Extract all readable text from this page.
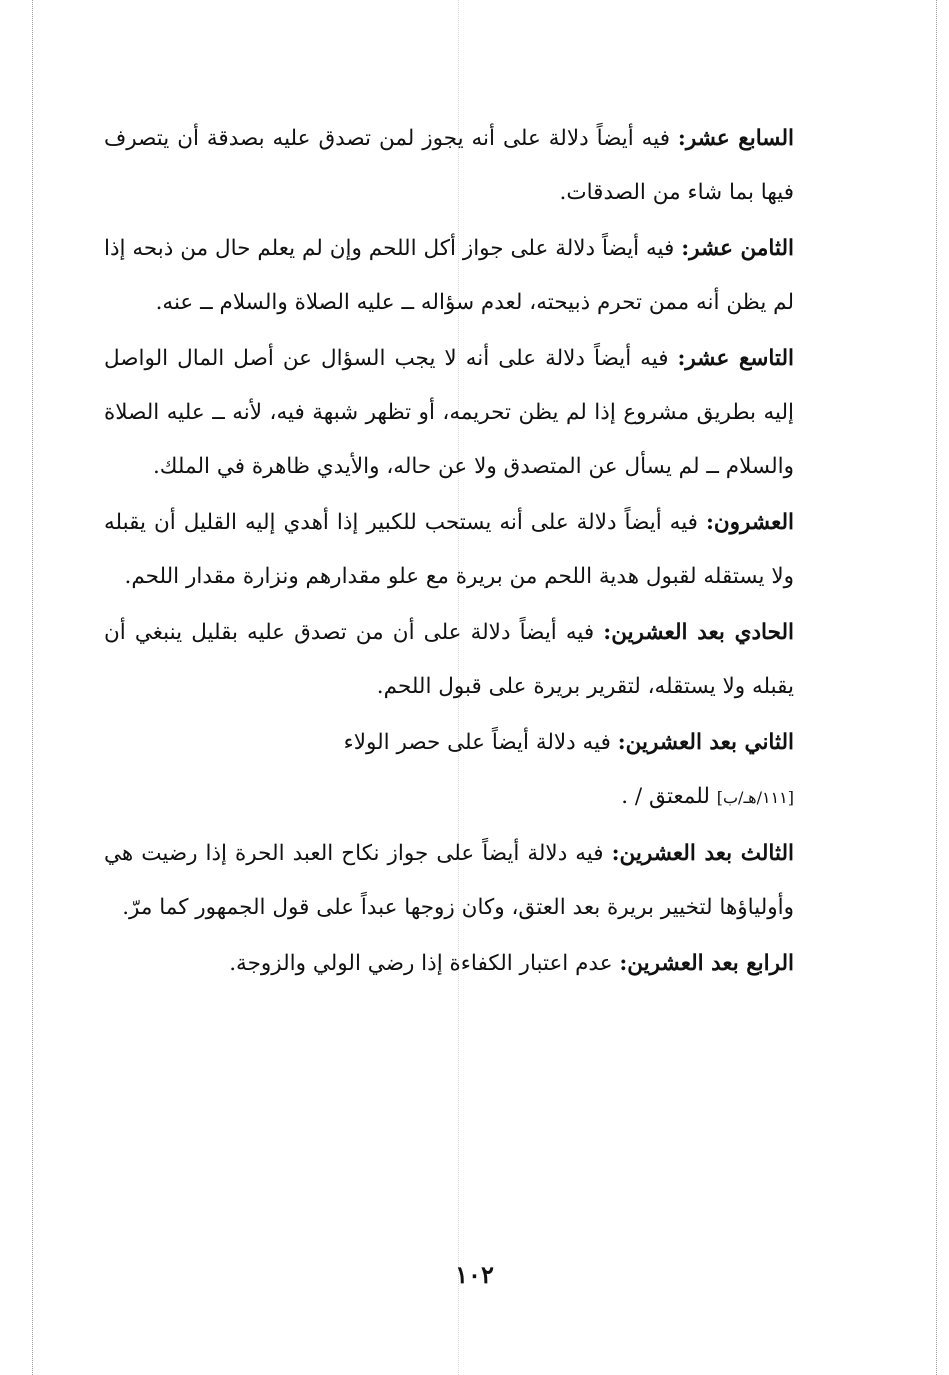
السابع عشر: فيه أيضاً دلالة على أنه يجوز لمن تصدق عليه بصدقة أن يتصرف فيها بما شاء من الصدقات.

الثامن عشر: فيه أيضاً دلالة على جواز أكل اللحم وإن لم يعلم حال من ذبحه إذا لم يظن أنه ممن تحرم ذبيحته، لعدم سؤاله ــ عليه الصلاة والسلام ــ عنه.

التاسع عشر: فيه أيضاً دلالة على أنه لا يجب السؤال عن أصل المال الواصل إليه بطريق مشروع إذا لم يظن تحريمه، أو تظهر شبهة فيه، لأنه ــ عليه الصلاة والسلام ــ لم يسأل عن المتصدق ولا عن حاله، والأيدي ظاهرة في الملك.

العشرون: فيه أيضاً دلالة على أنه يستحب للكبير إذا أهدي إليه القليل أن يقبله ولا يستقله لقبول هدية اللحم من بريرة مع علو مقدارهم ونزارة مقدار اللحم.

الحادي بعد العشرين: فيه أيضاً دلالة على أن من تصدق عليه بقليل ينبغي أن يقبله ولا يستقله، لتقرير بريرة على قبول اللحم.

الثاني بعد العشرين: فيه دلالة أيضاً على حصر الولاء

[١١١/هـ/ب] للمعتق / .

الثالث بعد العشرين: فيه دلالة أيضاً على جواز نكاح العبد الحرة إذا رضيت هي وأولياؤها لتخيير بريرة بعد العتق، وكان زوجها عبداً على قول الجمهور كما مرّ.

الرابع بعد العشرين: عدم اعتبار الكفاءة إذا رضي الولي والزوجة.

١٠٢
